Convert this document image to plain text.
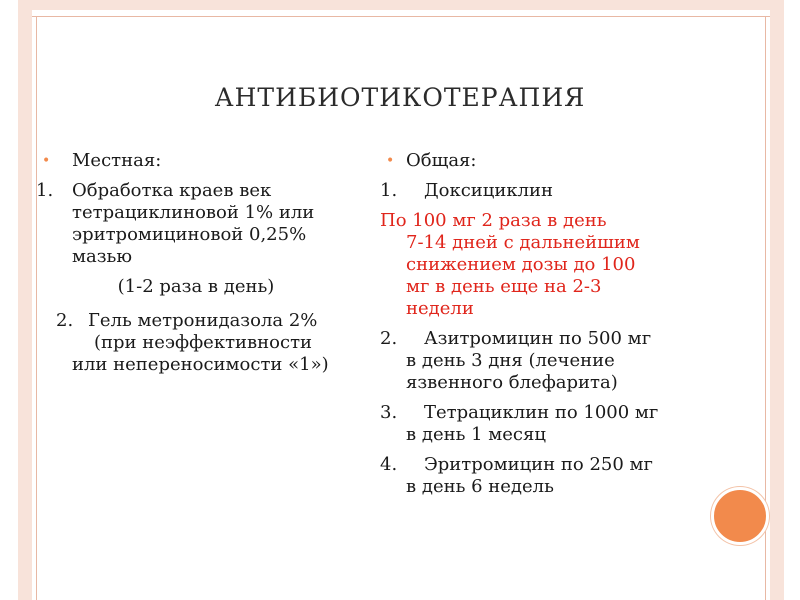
АНТИБИОТИКОТЕРАПИЯ
• Местная:
1. Обработка краев век
тетрациклиновой 1% или
эритромициновой 0,25%
мазью
(1-2 раза в день)
2. Гель метронидазола 2%
(при неэффективности
или непереносимости «1»)
• Общая:
1.	Доксициклин
По 100 мг 2 раза в день
7-14 дней с дальнейшим
снижением дозы до 100
мг в день еще на 2-3
недели
2.	Азитромицин по 500 мг
в день 3 дня (лечение
язвенного блефарита)
3.	Тетрациклин по 1000 мг
в день 1 месяц
4.	Эритромицин по 250 мг
в день 6 недель
